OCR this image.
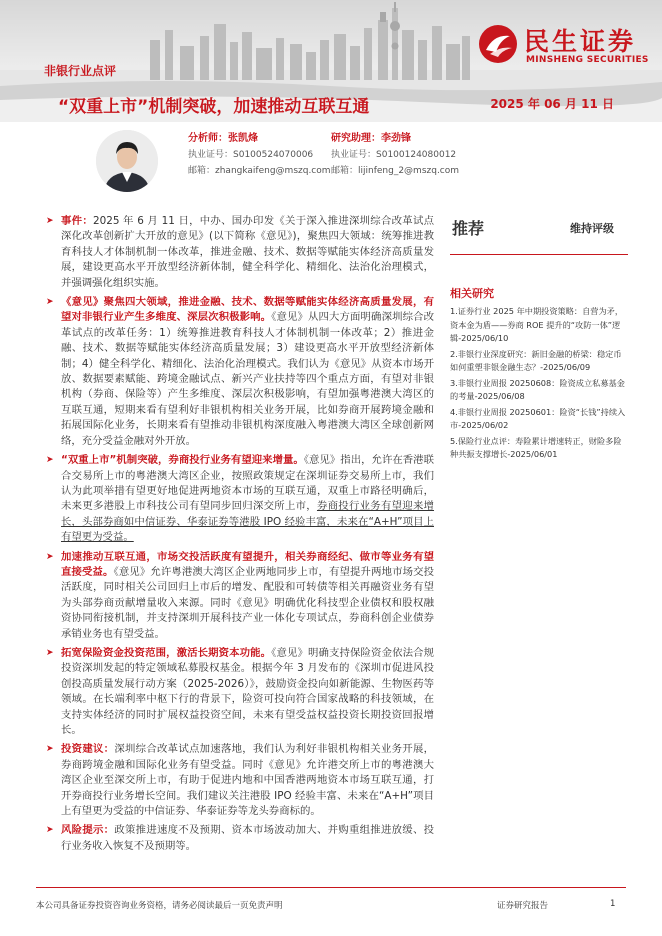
民生证券
MINSHENG SECURITIES
非银行业点评
“双重上市”机制突破，加速推动互联互通	2025 年 06 月 11 日
分析师：张凯烽
执业证号：S0100524070006
邮箱：zhangkaifeng@mszq.com
研究助理：李劲锋
执业证号：S0100124080012
邮箱：lijinfeng_2@mszq.com
➤ 事件：2025 年 6 月 11 日，中办、国办印发《关于深入推进深圳综合改革试点 深化改革创新扩大开放的意见》(以下简称《意见》)，聚焦四大领域：统筹推进教育科技人才体制机制一体改革，推进金融、技术、数据等赋能实体经济高质量发展，建设更高水平开放型经济新体制，健全科学化、精细化、法治化治理模式，并强调强化组织实施。
➤ 《意见》聚焦四大领域，推进金融、技术、数据等赋能实体经济高质量发展，有望对非银行业产生多维度、深层次积极影响。《意见》从四大方面明确深圳综合改革试点的改革任务：1）统筹推进教育科技人才体制机制一体改革；2）推进金融、技术、数据等赋能实体经济高质量发展；3）建设更高水平开放型经济新体制；4）健全科学化、精细化、法治化治理模式。我们认为《意见》从资本市场开放、数据要素赋能、跨境金融试点、新兴产业扶持等四个重点方面，有望对非银机构（券商、保险等）产生多维度、深层次积极影响，有望加强粤港澳大湾区的互联互通，短期来看有望利好非银机构相关业务开展，比如券商开展跨境金融和拓展国际化业务，长期来看有望推动非银机构深度融入粤港澳大湾区全球创新网络，充分受益金融对外开放。
➤ “双重上市”机制突破，券商投行业务有望迎来增量。《意见》指出，允许在香港联合交易所上市的粤港澳大湾区企业，按照政策规定在深圳证券交易所上市，我们认为此项举措有望更好地促进两地资本市场的互联互通，双重上市路径明确后，未来更多港股上市科技公司有望同步回归深交所上市，券商投行业务有望迎来增长，头部券商如中信证券、华泰证券等港股 IPO 经验丰富，未来在“A+H”项目上有望更为受益。
➤ 加速推动互联互通，市场交投活跃度有望提升，相关券商经纪、做市等业务有望直接受益。《意见》允许粤港澳大湾区企业两地同步上市，有望提升两地市场交投活跃度，同时相关公司回归上市后的增发、配股和可转债等相关再融资业务有望为头部券商贡献增量收入来源。同时《意见》明确优化科技型企业债权和股权融资协同衔接机制，并支持深圳开展科技产业一体化专项试点，券商科创企业债券承销业务也有望受益。
➤ 拓宽保险资金投资范围，激活长期资本功能。《意见》明确支持保险资金依法合规投资深圳发起的特定领域私募股权基金。根据今年 3 月发布的《深圳市促进风投创投高质量发展行动方案（2025-2026）》，鼓励资金投向如新能源、生物医药等领域。在长端利率中枢下行的背景下，险资可投向符合国家战略的科技领域，在支持实体经济的同时扩展权益投资空间，未来有望受益权益投资长期投资回报增长。
➤ 投资建议：深圳综合改革试点加速落地，我们认为利好非银机构相关业务开展，券商跨境金融和国际化业务有望受益。同时《意见》允许港交所上市的粤港澳大湾区企业至深交所上市，有助于促进内地和中国香港两地资本市场互联互通，打开券商投行业务增长空间。我们建议关注港股 IPO 经验丰富、未来在“A+H”项目上有望更为受益的中信证券、华泰证券等龙头券商标的。
➤ 风险提示：政策推进速度不及预期、资本市场波动加大、并购重组推进放缓、投行业务收入恢复不及预期等。
推荐	维持评级
相关研究
1.证券行业 2025 年中期投资策略：自营为矛，资本金为盾——券商 ROE 提升的“攻防一体”逻辑-2025/06/10
2.非银行业深度研究：新旧金融的桥梁：稳定币如何重塑非银金融生态？-2025/06/09
3.非银行业周报 20250608：险资成立私募基金的考量-2025/06/08
4.非银行业周报 20250601：险资“长钱”持续入市-2025/06/02
5.保险行业点评：寿险累计增速转正，财险多险种共振支撑增长-2025/06/01
本公司具备证券投资咨询业务资格，请务必阅读最后一页免责声明	证券研究报告	1
